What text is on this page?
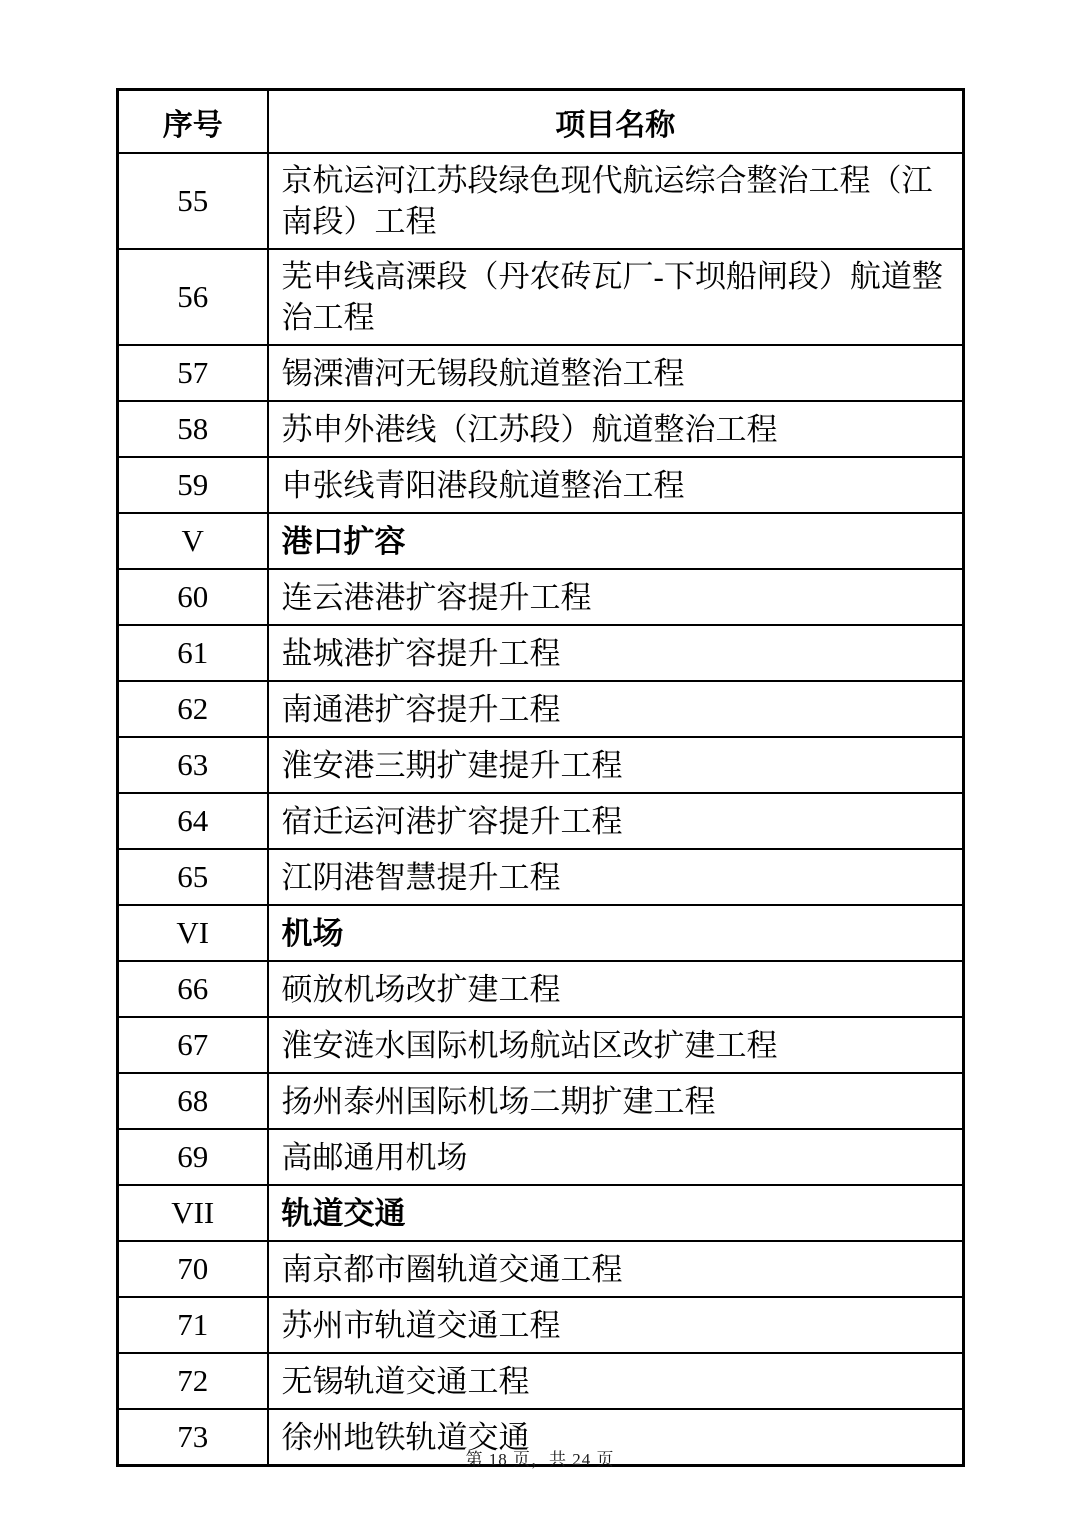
序号	项目名称
55	京杭运河江苏段绿色现代航运综合整治工程（江南段）工程
56	芜申线高溧段（丹农砖瓦厂-下坝船闸段）航道整治工程
57	锡溧漕河无锡段航道整治工程
58	苏申外港线（江苏段）航道整治工程
59	申张线青阳港段航道整治工程
V	港口扩容
60	连云港港扩容提升工程
61	盐城港扩容提升工程
62	南通港扩容提升工程
63	淮安港三期扩建提升工程
64	宿迁运河港扩容提升工程
65	江阴港智慧提升工程
VI	机场
66	硕放机场改扩建工程
67	淮安涟水国际机场航站区改扩建工程
68	扬州泰州国际机场二期扩建工程
69	高邮通用机场
VII	轨道交通
70	南京都市圈轨道交通工程
71	苏州市轨道交通工程
72	无锡轨道交通工程
73	徐州地铁轨道交通
第 18 页，共 24 页
